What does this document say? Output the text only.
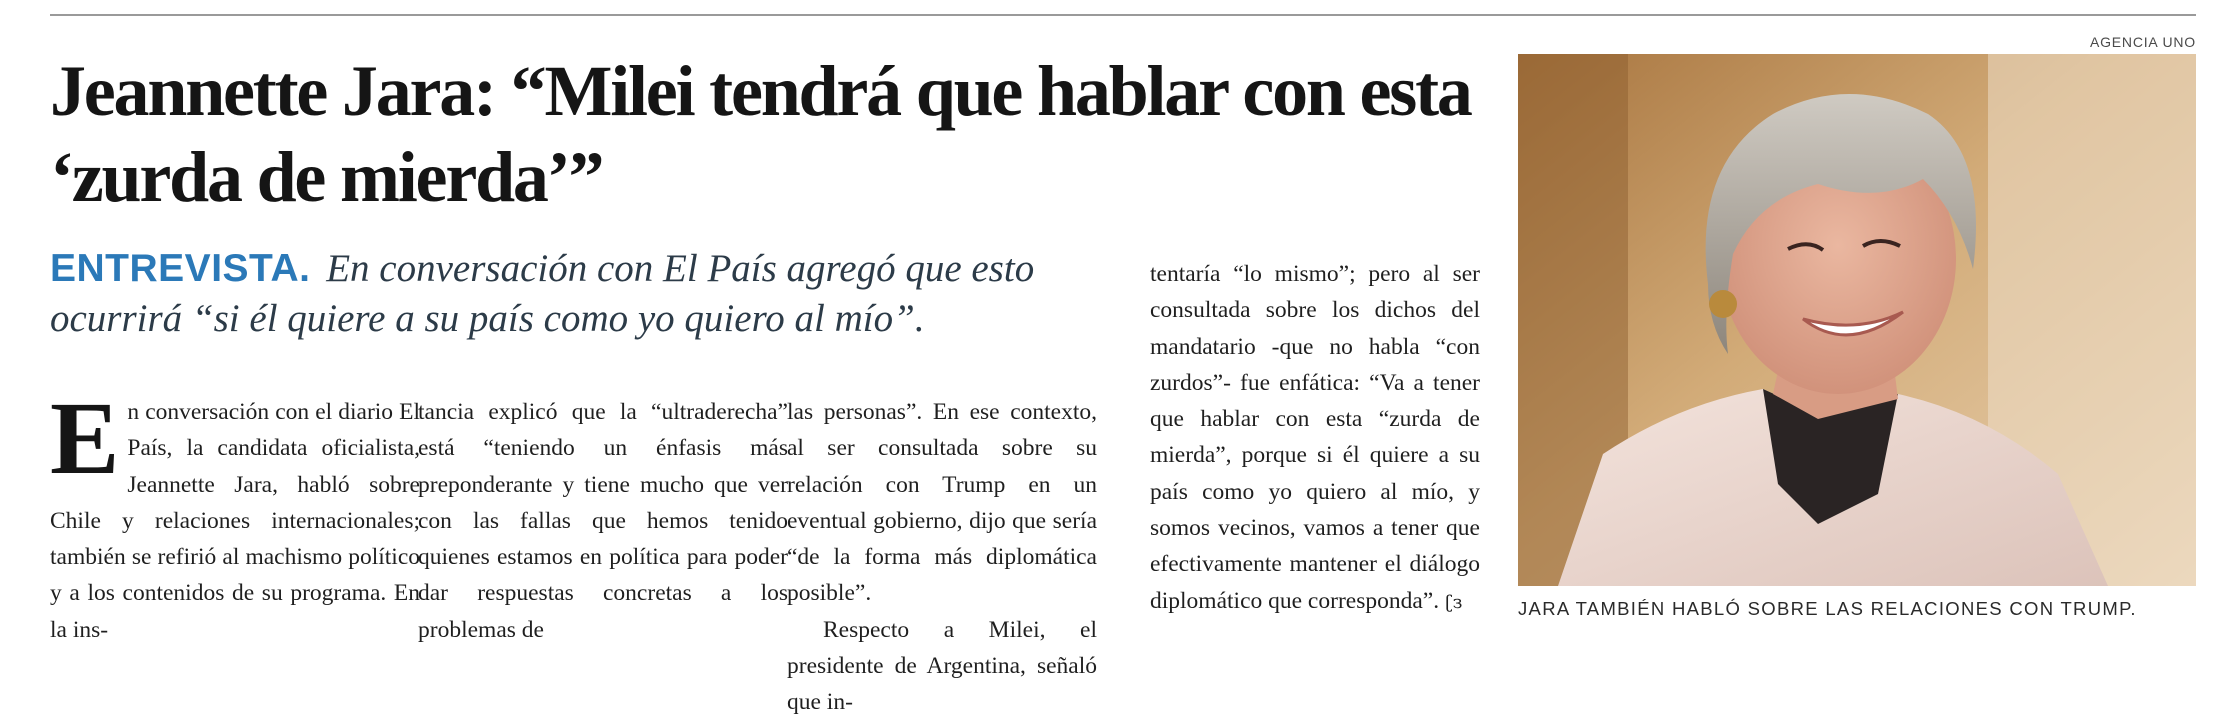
Jeannette Jara: “Milei tendrá que hablar con esta ‘zurda de mierda’”
ENTREVISTA. En conversación con El País agregó que esto ocurrirá “si él quiere a su país como yo quiero al mío”.

E n conversación con el diario El País, la candidata oficialista, Jeannette Jara, habló sobre Chile y relaciones internacionales; también se refirió al machismo político y a los contenidos de su programa. En la ins-

tancia explicó que la “ultraderecha” está “teniendo un énfasis más preponderante y tiene mucho que ver con las fallas que hemos tenido quienes estamos en política para poder dar respuestas concretas a los problemas de

las personas”. En ese contexto, al ser consultada sobre su relación con Trump en un eventual gobierno, dijo que sería “de la forma más diplomática posible”.

Respecto a Milei, el presidente de Argentina, señaló que in-

tentaría “lo mismo”; pero al ser consultada sobre los dichos del mandatario -que no habla “con zurdos”- fue enfática: “Va a tener que hablar con esta “zurda de mierda”, porque si él quiere a su país como yo quiero al mío, y somos vecinos, vamos a tener que efectivamente mantener el diálogo diplomático que corresponda”. ʗз

AGENCIA UNO
JARA TAMBIÉN HABLÓ SOBRE LAS RELACIONES CON TRUMP.
